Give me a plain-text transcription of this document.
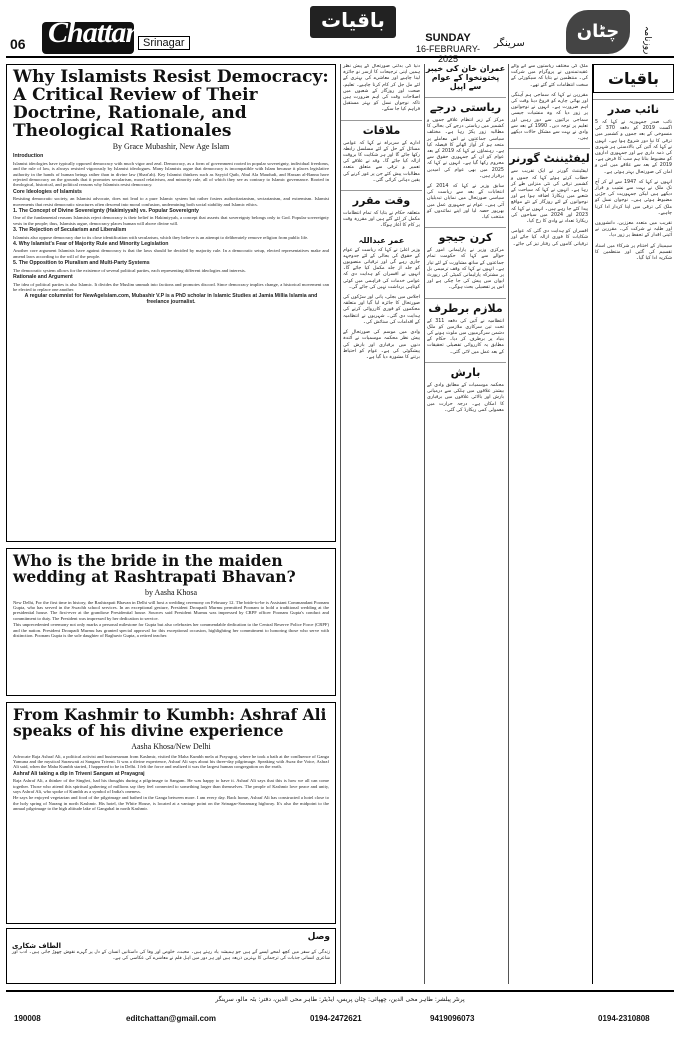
06 Chattan Srinagar
باقیات
SUNDAY
16-FEBRUARY-2025
سرینگر
چٹان	روزنامہ
Why Islamists Resist Democracy: A Critical Review of Their Doctrine, Rationale, and Theological Rationales
By Grace Mubashir, New Age Islam
Introduction

Islamist ideologies have typically opposed democracy with much vigor and zeal. Democracy, as a form of government rooted in popular sovereignty, individual freedoms, and the rule of law, is always resisted vigorously by Islamist ideologues. Many Islamists argue that democracy is incompatible with Islam because it places legislative authority in the hands of human beings rather than in divine law (Shari'ah). Key Islamist thinkers such as Sayyid Qutb, Abul Ala Maududi, and Hassan al-Banna have rejected democracy on the grounds that it promotes secularism, moral relativism, and minority rule, all of which they see as contrary to Islamic governance. Rooted in theological, historical, and political reasons why Islamists resist democracy.

Core Ideologies of Islamists

Resisting democratic society, an Islamist advocate, does not lead to a pure Islamic system but rather fosters authoritarianism, sectarianism, and extremism. Islamist movements that resist democratic structures often descend into moral confusion, undermining both social stability and Islamic ethics.

1. The Concept of Divine Sovereignty (Hakimiyyah) vs. Popular Sovereignty

One of the fundamental reasons Islamists reject democracy is their belief in Hakimiyyah, a concept that asserts that sovereignty belongs only to God. Popular sovereignty vests in the people; thus, Islamists argue, democracy places human will above divine will.

3. The Rejection of Secularism and Liberalism

Islamists also oppose democracy due to its close identification with secularism, which they believe is an attempt to deliberately remove religion from public life.

4. Why Islamist's Fear of Majority Rule and Minority Legislation

Another core argument Islamists have against democracy is that the laws should be decided by majority rule. In a democratic setup, elected representatives make and amend laws according to the will of the people.

5. The Opposition to Pluralism and Multi-Party Systems

The democratic system allows for the existence of several political parties, each representing different ideologies and interests.

Rationale and Argument

The idea of political parties is also Islamic. It divides the Muslim ummah into factions and promotes discord. Since democracy implies change, a historical movement can be elected to replace one another.

A regular columnist for NewAgeIslam.com, Mubashir V.P is a PhD scholar in Islamic Studies at Jamia Millia Islamia and freelance journalist.

Who is the bride in the maiden wedding at Rashtrapati Bhavan?
by Aasha Khosa

New Delhi, For the first time in history, the Rashtrapati Bhavan in Delhi will host a wedding ceremony on February 12. The bride-to-be is Assistant Commandant Poonam Gupta, who has served in the Swachh school services. In an exceptional gesture, President Droupadi Murmu permitted Poonam to hold a traditional wedding at the presidential house. The first-ever at the grandiose Presidential house. Sources said President Murmu was impressed by CRPF officer Poonam Gupta's conduct and commitment to duty. The President was impressed by her dedication to service.

This unprecedented ceremony not only marks a personal milestone for Gupta but also celebrates her commendable dedication to the Central Reserve Police Force (CRPF) and the nation. President Droupadi Murmu has granted special approval for this exceptional occasion, highlighting her commitment to honoring those who serve with distinction. Poonam Gupta is the sole daughter of Raghuvir Gupta, a retired teacher.

From Kashmir to Kumbh: Ashraf Ali speaks of his divine experience
Aasha Khosa/New Delhi

Advocate Raja Ashraf Ali, a political activist and businessman from Kashmir, visited the Maha Kumbh mela at Prayagraj, where he took a bath at the confluence of Ganga Yamuna and the mystical Saraswati at Sangam Triveni. It was a divine experience, Ashraf Ali says about his three-day pilgrimage. Speaking with Awaz the Voice, Ashraf Ali said, when the Maha Kumbh started, I happened to be in Delhi. I felt the force and realized it was the largest human congregation on the earth.

Ashraf Ali taking a dip in Triveni Sangam at Prayagraj

Raja Ashraf Ali, a thinker of the Singhvi, had his thoughts during a pilgrimage to Sangam. He was happy to have it. Ashraf Ali says that this is how we all can come together. Those who attend this spiritual gathering of millions say they feel connected to something larger than themselves. The people of Kashmir love peace and unity, says Ashraf Ali, who spoke of Kumbh as a symbol of India's oneness.

He says he enjoyed vegetarian and food of the pilgrimage and bathed in the Ganga between more. I am every day. Back home, Ashraf Ali has constructed a hotel close to the holy spring of Narang in north Kashmir. His hotel, the White House, is located at a vantage point on the Srinagar-Sonamarg highway. It's also the midpoint to the annual pilgrimage to the high altitude lake of Gangabal in north Kashmir.

دنیا کی بدلتی صورتحال کے پیش نظر ہمیں اپنی ترجیحات کا ازسر نو جائزہ لینا چاہیے اور معاشرے کی بہتری کے لئے مل جل کر کام کرنا چاہیے۔ تعلیم، صحت اور روزگار کے شعبوں میں اصلاحات وقت کی اہم ضرورت ہیں تاکہ نوجوان نسل کو بہتر مستقبل فراہم کیا جا سکے۔
ملاقات
ادارے کے سربراہ نے کہا کہ عوامی مسائل کے حل کے لئے مسلسل رابطہ رکھا جائے گا اور ہر شکایت کا بروقت ازالہ کیا جائے گا۔ وفد نے علاقے کی تعمیر و ترقی سے متعلق متعدد مطالبات پیش کئے جن پر غور کرنے کی یقین دہانی کرائی گئی۔
وقت مقرر
متعلقہ حکام نے بتایا کہ تمام انتظامات مکمل کر لئے گئے ہیں اور مقررہ وقت پر کام کا آغاز ہوگا۔
عمر عبداللہ
وزیر اعلیٰ نے کہا کہ ریاست کے عوام کے حقوق کی بحالی کے لئے جدوجہد جاری رہے گی اور ترقیاتی منصوبوں کو جلد از جلد مکمل کیا جائے گا۔ انہوں نے افسران کو ہدایت دی کہ عوامی خدمات کی فراہمی میں کوئی کوتاہی برداشت نہیں کی جائے گی۔
اجلاس میں بجلی، پانی اور سڑکوں کی صورتحال کا جائزہ لیا گیا اور متعلقہ محکموں کو فوری کارروائی کرنے کی ہدایت دی گئی۔ شہریوں نے انتظامیہ کے اقدامات کی ستائش کی۔
وادی میں موسم کی صورتحال کے پیش نظر محکمہ موسمیات نے آئندہ دنوں میں برفباری اور بارش کی پیشگوئی کی ہے۔ عوام کو احتیاط برتنے کا مشورہ دیا گیا ہے۔
عمران خان کی خیبر پختونخوا کے عوام سے اپیل
ریاستی درجے
مرکز کے زیر انتظام علاقے جموں و کشمیر میں ریاستی درجے کی بحالی کا مطالبہ زور پکڑ رہا ہے۔ مختلف سیاسی جماعتوں نے اس معاملے پر متحد ہو کر آواز اٹھانے کا فیصلہ کیا ہے۔ رہنماؤں نے کہا کہ 2019 کے بعد عوام کو ان کے جمہوری حقوق سے محروم رکھا گیا ہے۔ انہوں نے کہا کہ 2025 میں بھی عوام کی امیدیں برقرار ہیں۔
سابق وزیر نے کہا کہ 2014 کے انتخابات کے بعد سے ریاست کی سیاسی صورتحال میں نمایاں تبدیلیاں آئی ہیں۔ عوام نے جمہوری عمل میں بھرپور حصہ لیا اور اپنے نمائندوں کو منتخب کیا۔
کرن جیجو
مرکزی وزیر نے پارلیمانی امور کے حوالے سے کہا کہ حکومت تمام جماعتوں کے ساتھ مشاورت کے لئے تیار ہے۔ انہوں نے کہا کہ وقف ترمیمی بل پر مشترکہ پارلیمانی کمیٹی کی رپورٹ ایوان میں پیش کی جا چکی ہے اور اس پر تفصیلی بحث ہوگی۔
ملازم برطرف
انتظامیہ نے آئین کی دفعہ 311 کے تحت تین سرکاری ملازمین کو ملک دشمن سرگرمیوں میں ملوث ہونے کی بنیاد پر برطرف کر دیا۔ حکام کے مطابق یہ کارروائی تفصیلی تحقیقات کے بعد عمل میں لائی گئی۔
بارش
محکمہ موسمیات کے مطابق وادی کے بیشتر علاقوں میں ہلکی سے درمیانی بارش اور بالائی علاقوں میں برفباری کا امکان ہے۔ درجہ حرارت میں معمولی کمی ریکارڈ کی گئی۔
ملک کی مختلف ریاستوں سے آنے والے عقیدتمندوں نے پروگرام میں شرکت کی۔ منتظمین نے بتایا کہ سیکورٹی کے سخت انتظامات کئے گئے تھے۔
مقررین نے کہا کہ سماجی ہم آہنگی اور بھائی چارے کو فروغ دینا وقت کی اہم ضرورت ہے۔ انہوں نے نوجوانوں پر زور دیا کہ وہ منشیات جیسی سماجی برائیوں سے دور رہیں اور تعلیم پر توجہ دیں۔ 1990 کے بعد سے وادی نے بہت سے مشکل حالات دیکھے ہیں۔
لیفٹیننٹ گورنر
لیفٹیننٹ گورنر نے ایک تقریب سے خطاب کرتے ہوئے کہا کہ جموں و کشمیر ترقی کی نئی منزلیں طے کر رہا ہے۔ انہوں نے کہا کہ سیاحت کے شعبے میں ریکارڈ اضافہ ہوا ہے اور نوجوانوں کے لئے روزگار کے نئے مواقع پیدا کئے جا رہے ہیں۔ انہوں نے کہا کہ 2023 اور 2024 میں سیاحوں کی ریکارڈ تعداد نے وادی کا رخ کیا۔
افسران کو ہدایت دی گئی کہ عوامی شکایات کا فوری ازالہ کیا جائے اور ترقیاتی کاموں کی رفتار تیز کی جائے۔
باقیات
نائب صدر
نائب صدر جمہوریہ نے کہا کہ 5 اگست 2019 کو دفعہ 370 کی منسوخی کے بعد جموں و کشمیر میں ترقی کا نیا دور شروع ہوا ہے۔ انہوں نے کہا کہ آئین کی بالادستی ہر شہری کی ذمہ داری ہے اور جمہوری اداروں کو مضبوط بنانا ہم سب کا فرض ہے۔ 2019 کے بعد سے علاقے میں امن و امان کی صورتحال بہتر ہوئی ہے۔
انہوں نے کہا کہ 1947 سے لے کر آج تک ملک نے بہت سے نشیب و فراز دیکھے ہیں لیکن جمہوریت کی جڑیں مضبوط ہوئی ہیں۔ نوجوان نسل کو ملک کی ترقی میں اپنا کردار ادا کرنا چاہیے۔
تقریب میں متعدد معززین، دانشوروں اور طلبہ نے شرکت کی۔ مقررین نے آئینی اقدار کے تحفظ پر زور دیا۔
سیمینار کے اختتام پر شرکاء میں اسناد تقسیم کی گئیں اور منتظمین کا شکریہ ادا کیا گیا۔
وصل
الطاف شکاری
زندگی کے سفر میں کچھ لمحے ایسے آتے ہیں جو ہمیشہ یاد رہتے ہیں۔ محبت، خلوص اور وفا کی داستانیں انسان کے دل پر گہرے نقوش چھوڑ جاتی ہیں۔ ادب اور شاعری انسانی جذبات کی ترجمانی کا بہترین ذریعہ ہیں اور ہر دور میں اہل قلم نے معاشرے کی عکاسی کی ہے۔
پرنٹر پبلشر: طاہر محی الدین، چھپائی: چٹان پریس، ایڈیٹر: طاہر محی الدین، دفتر: بٹہ مالو، سرینگر
190008	editchattan@gmail.com	0194-2472621	9419096073	0194-2310808
